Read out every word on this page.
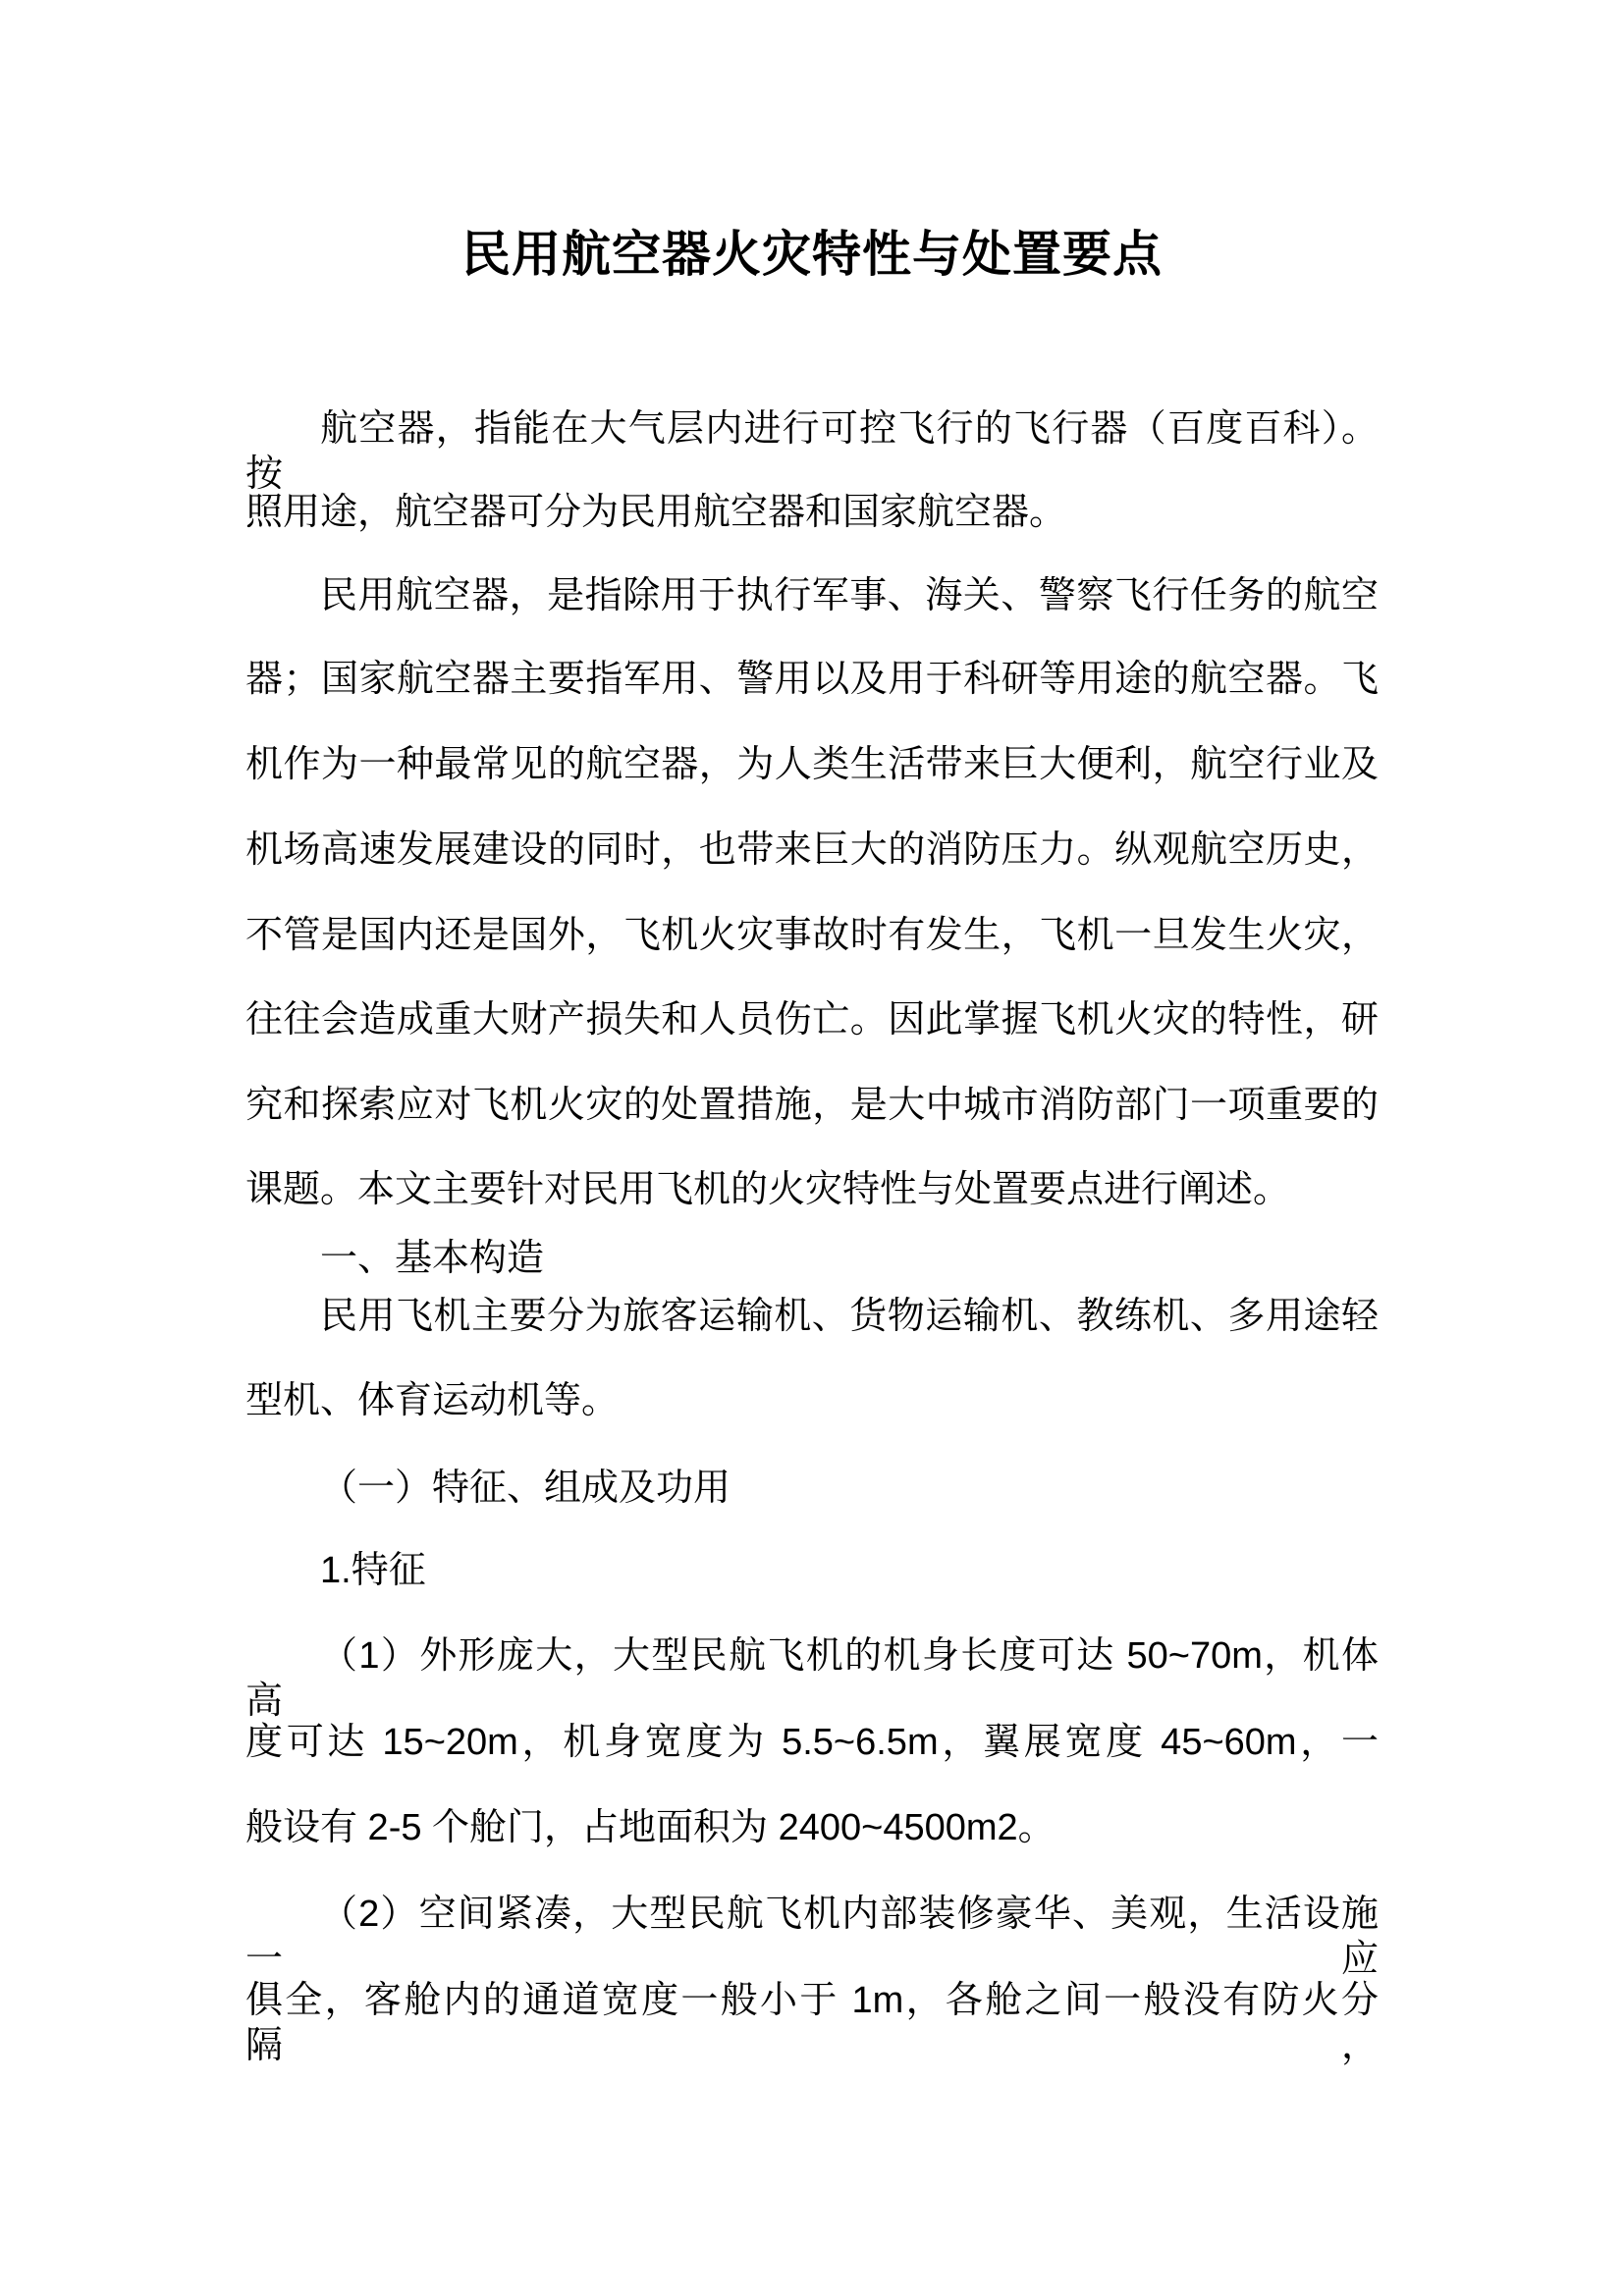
民用航空器火灾特性与处置要点
航空器，指能在大气层内进行可控飞行的飞行器（百度百科）。按
照用途，航空器可分为民用航空器和国家航空器。
民用航空器，是指除用于执行军事、海关、警察飞行任务的航空
器；国家航空器主要指军用、警用以及用于科研等用途的航空器。飞
机作为一种最常见的航空器，为人类生活带来巨大便利，航空行业及
机场高速发展建设的同时，也带来巨大的消防压力。纵观航空历史，
不管是国内还是国外，飞机火灾事故时有发生，飞机一旦发生火灾，
往往会造成重大财产损失和人员伤亡。因此掌握飞机火灾的特性，研
究和探索应对飞机火灾的处置措施，是大中城市消防部门一项重要的
课题。本文主要针对民用飞机的火灾特性与处置要点进行阐述。
一、基本构造
民用飞机主要分为旅客运输机、货物运输机、教练机、多用途轻
型机、体育运动机等。
（一）特征、组成及功用
1.特征
（1）外形庞大，大型民航飞机的机身长度可达 50~70m，机体高
度可达 15~20m，机身宽度为 5.5~6.5m，翼展宽度 45~60m，一
般设有 2-5 个舱门，占地面积为 2400~4500m2。
（2）空间紧凑，大型民航飞机内部装修豪华、美观，生活设施一应
俱全，客舱内的通道宽度一般小于 1m，各舱之间一般没有防火分隔，
